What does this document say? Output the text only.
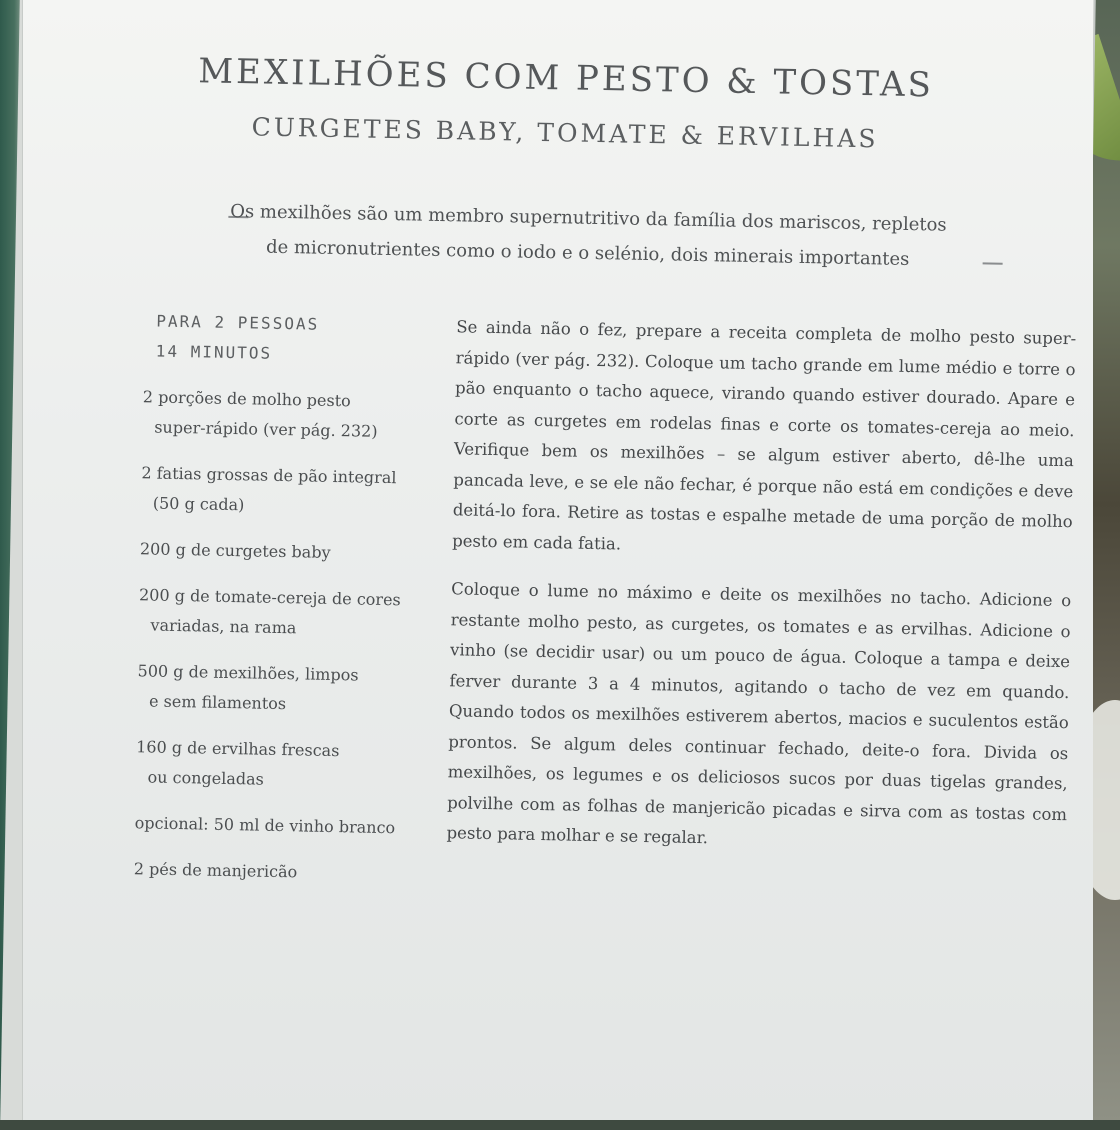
MEXILHÕES COM PESTO & TOSTAS
CURGETES BABY, TOMATE & ERVILHAS
Os mexilhões são um membro supernutritivo da família dos mariscos, repletos
de micronutrientes como o iodo e o selénio, dois minerais importantes
PARA 2 PESSOAS
14 MINUTOS
2 porções de molho pesto
super-rápido (ver pág. 232)
2 fatias grossas de pão integral
(50 g cada)
200 g de curgetes baby
200 g de tomate-cereja de cores
variadas, na rama
500 g de mexilhões, limpos
e sem filamentos
160 g de ervilhas frescas
ou congeladas
opcional: 50 ml de vinho branco
2 pés de manjericão

Se ainda não o fez, prepare a receita completa de molho pesto super-rápido (ver pág. 232). Coloque um tacho grande em lume médio e torre o pão enquanto o tacho aquece, virando quando estiver dourado. Apare e corte as curgetes em rodelas finas e corte os tomates-cereja ao meio. Verifique bem os mexilhões – se algum estiver aberto, dê-lhe uma pancada leve, e se ele não fechar, é porque não está em condições e deve deitá-lo fora. Retire as tostas e espalhe metade de uma porção de molho pesto em cada fatia.

Coloque o lume no máximo e deite os mexilhões no tacho. Adicione o restante molho pesto, as curgetes, os tomates e as ervilhas. Adicione o vinho (se decidir usar) ou um pouco de água. Coloque a tampa e deixe ferver durante 3 a 4 minutos, agitando o tacho de vez em quando. Quando todos os mexilhões estiverem abertos, macios e suculentos estão prontos. Se algum deles continuar fechado, deite-o fora. Divida os mexilhões, os legumes e os deliciosos sucos por duas tigelas grandes, polvilhe com as folhas de manjericão picadas e sirva com as tostas com pesto para molhar e se regalar.
